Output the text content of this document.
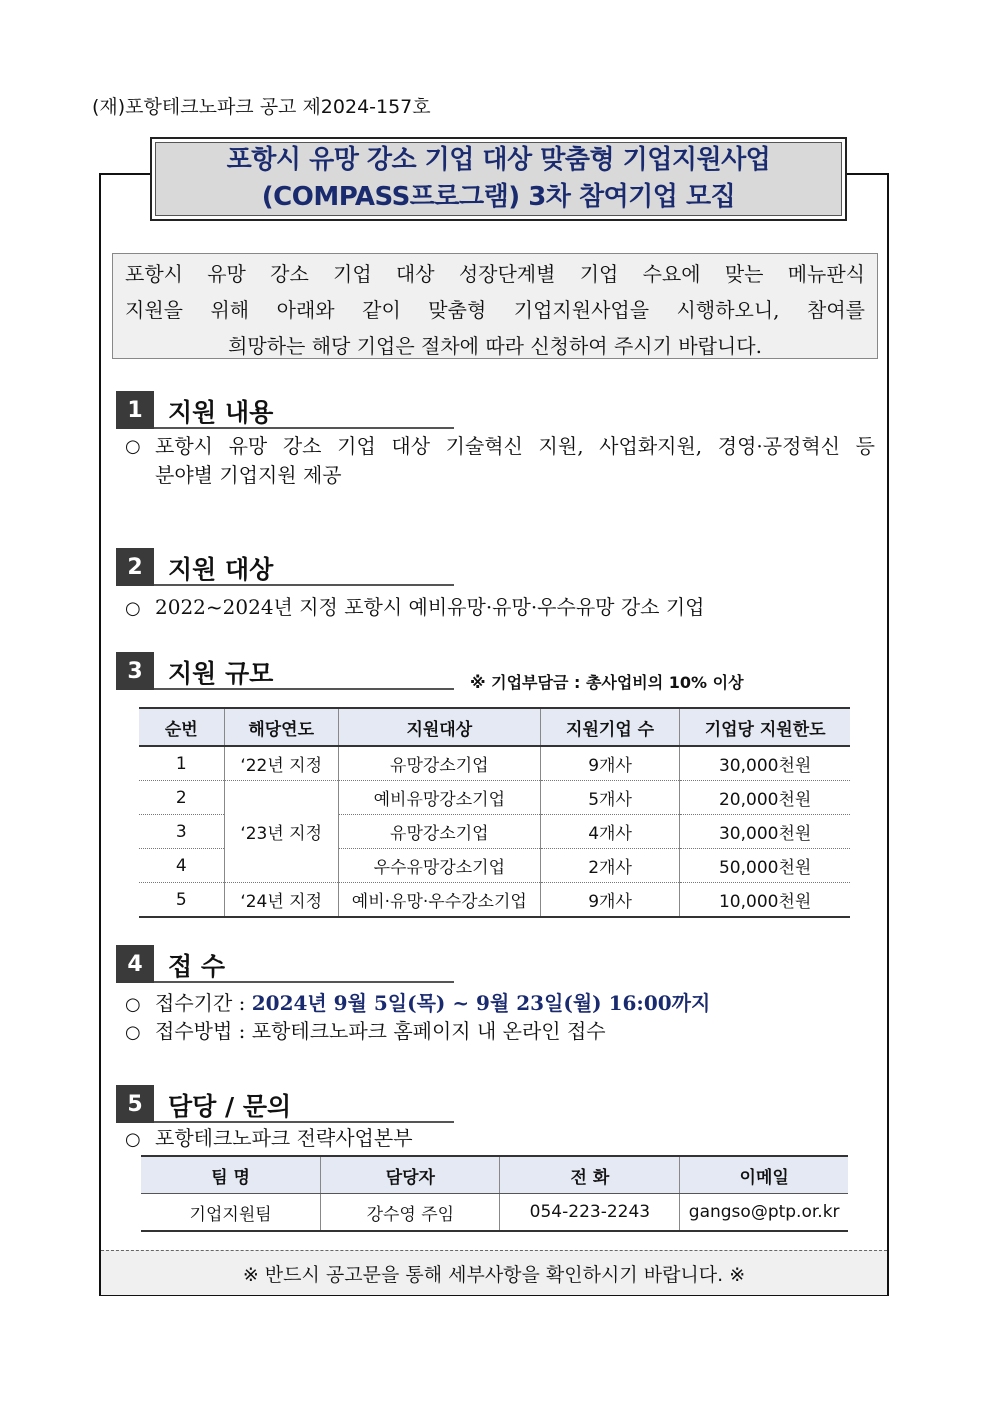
(재)포항테크노파크 공고 제2024-157호
포항시 유망 강소 기업 대상 맞춤형 기업지원사업
(COMPASS프로그램) 3차 참여기업 모집
포항시 유망 강소 기업 대상 성장단계별 기업 수요에 맞는 메뉴판식
지원을 위해 아래와 같이 맞춤형 기업지원사업을 시행하오니, 참여를
희망하는 해당 기업은 절차에 따라 신청하여 주시기 바랍니다.
1	지원 내용
○ 포항시 유망 강소 기업 대상 기술혁신 지원, 사업화지원, 경영·공정혁신 등
분야별 기업지원 제공
2	지원 대상
○ 2022~2024년 지정 포항시 예비유망·유망·우수유망 강소 기업
3	지원 규모	※ 기업부담금 : 총사업비의 10% 이상
순번	해당연도	지원대상	지원기업 수	기업당 지원한도
1	‘22년 지정	유망강소기업	9개사	30,000천원
2	‘23년 지정	예비유망강소기업	5개사	20,000천원
3		유망강소기업	4개사	30,000천원
4		우수유망강소기업	2개사	50,000천원
5	‘24년 지정	예비·유망·우수강소기업	9개사	10,000천원
4	접 수
○ 접수기간 : 2024년 9월 5일(목) ~ 9월 23일(월) 16:00까지
○ 접수방법 : 포항테크노파크 홈페이지 내 온라인 접수
5	담당 / 문의
○ 포항테크노파크 전략사업본부
팀 명	담당자	전 화	이메일
기업지원팀	강수영 주임	054-223-2243	gangso@ptp.or.kr
※ 반드시 공고문을 통해 세부사항을 확인하시기 바랍니다. ※
